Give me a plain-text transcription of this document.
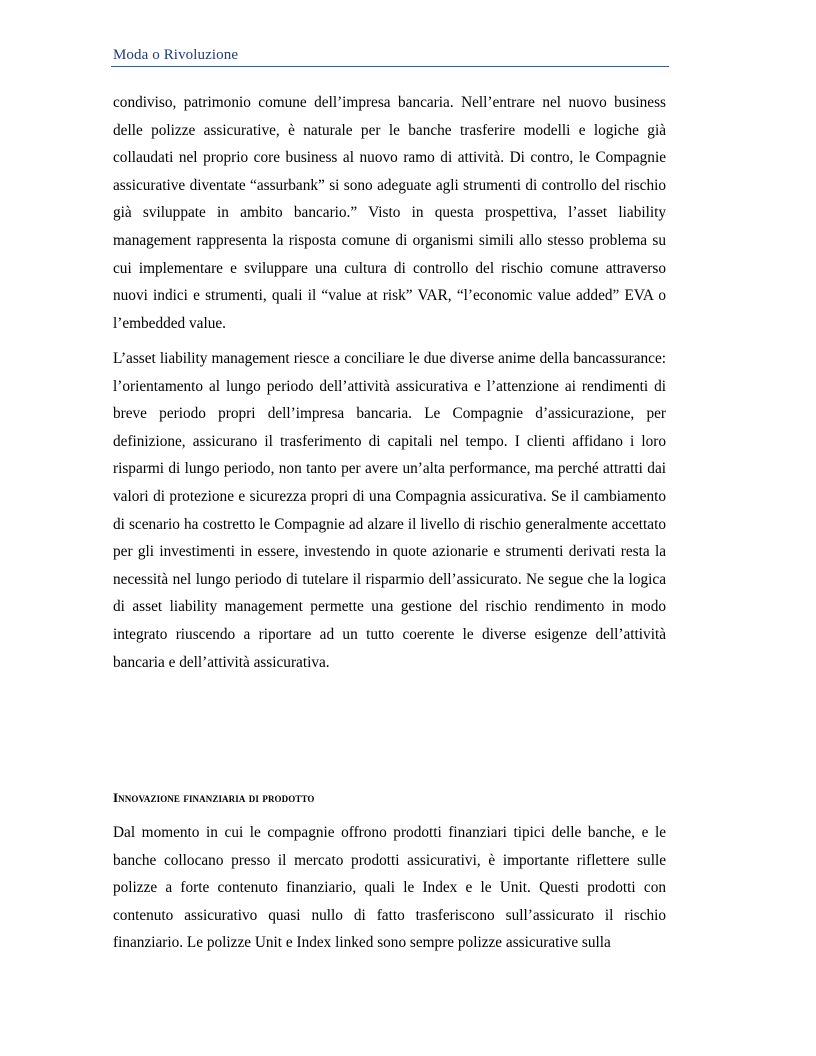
Moda o Rivoluzione

condiviso, patrimonio comune dell’impresa bancaria. Nell’entrare nel nuovo business delle polizze assicurative, è naturale per le banche trasferire modelli e logiche già collaudati nel proprio core business al nuovo ramo di attività. Di contro, le Compagnie assicurative diventate “assurbank” si sono adeguate agli strumenti di controllo del rischio già sviluppate in ambito bancario.” Visto in questa prospettiva, l’asset liability management rappresenta la risposta comune di organismi simili allo stesso problema su cui implementare e sviluppare una cultura di controllo del rischio comune attraverso nuovi indici e strumenti, quali il “value at risk” VAR, “l’economic value added” EVA o l’embedded value.

L’asset liability management riesce a conciliare le due diverse anime della bancassurance: l’orientamento al lungo periodo dell’attività assicurativa e l’attenzione ai rendimenti di breve periodo propri dell’impresa bancaria. Le Compagnie d’assicurazione, per definizione, assicurano il trasferimento di capitali nel tempo. I clienti affidano i loro risparmi di lungo periodo, non tanto per avere un’alta performance, ma perché attratti dai valori di protezione e sicurezza propri di una Compagnia assicurativa. Se il cambiamento di scenario ha costretto le Compagnie ad alzare il livello di rischio generalmente accettato per gli investimenti in essere, investendo in quote azionarie e strumenti derivati resta la necessità nel lungo periodo di tutelare il risparmio dell’assicurato. Ne segue che la logica di asset liability management permette una gestione del rischio rendimento in modo integrato riuscendo a riportare ad un tutto coerente le diverse esigenze dell’attività bancaria e dell’attività assicurativa.

Innovazione finanziaria di prodotto

Dal momento in cui le compagnie offrono prodotti finanziari tipici delle banche, e le banche collocano presso il mercato prodotti assicurativi, è importante riflettere sulle polizze a forte contenuto finanziario, quali le Index e le Unit. Questi prodotti con contenuto assicurativo quasi nullo di fatto trasferiscono sull’assicurato il rischio finanziario. Le polizze Unit e Index linked sono sempre polizze assicurative sulla
